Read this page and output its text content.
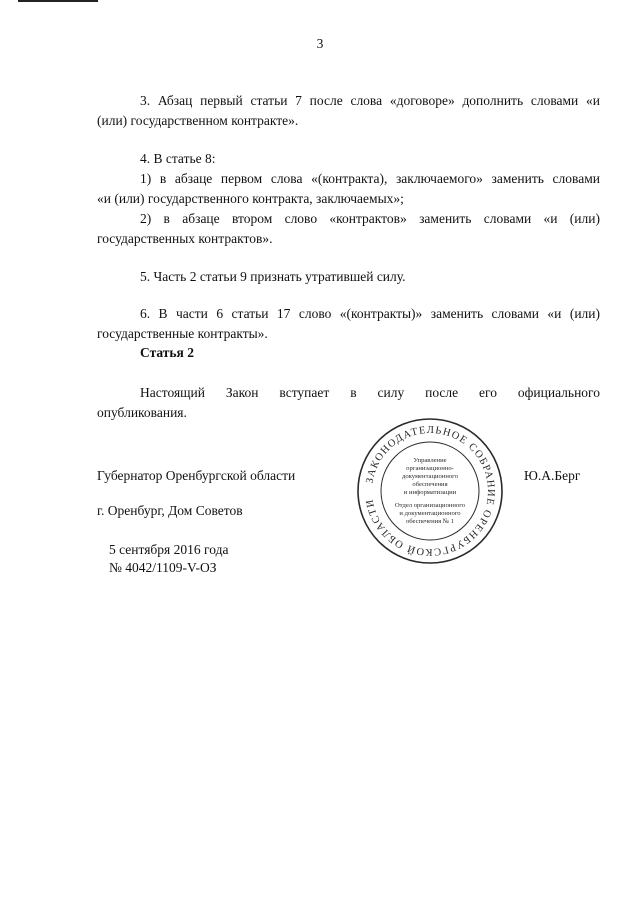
3

3. Абзац первый статьи 7 после слова «договоре» дополнить словами «и

(или) государственном контракте».

4. В статье 8:

1) в абзаце первом слова «(контракта), заключаемого» заменить словами

«и (или) государственного контракта, заключаемых»;

2) в абзаце втором слово «контрактов» заменить словами «и (или)

государственных контрактов».

5. Часть 2 статьи 9 признать утратившей силу.

6. В части 6 статьи 17 слово «(контракты)» заменить словами «и (или)

государственные контракты».

Статья 2

Настоящий Закон вступает в силу после его официального

опубликования.

ЗАКОНОДАТЕЛЬНОЕ СОБРАНИЕ ОРЕНБУРГСКОЙ ОБЛАСТИ
Управление
организационно-
документационного
обеспечения
и информатизации
Отдел организационного
и документационного
обеспечения № 1

Губернатор Оренбургской области	Ю.А.Берг

г. Оренбург, Дом Советов

5 сентября 2016 года

№ 4042/1109-V-ОЗ
